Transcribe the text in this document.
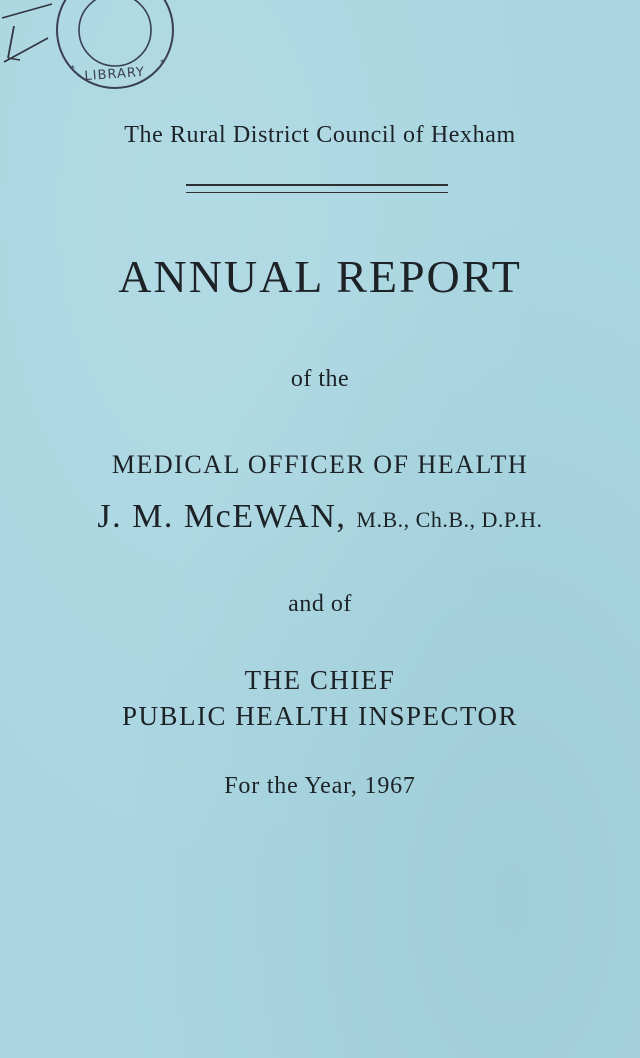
LIBRARY
*
*
The Rural District Council of Hexham
ANNUAL REPORT
of the
MEDICAL OFFICER OF HEALTH
J. M. McEWAN, M.B., Ch.B., D.P.H.
and of
THE CHIEF
PUBLIC HEALTH INSPECTOR
For the Year, 1967
